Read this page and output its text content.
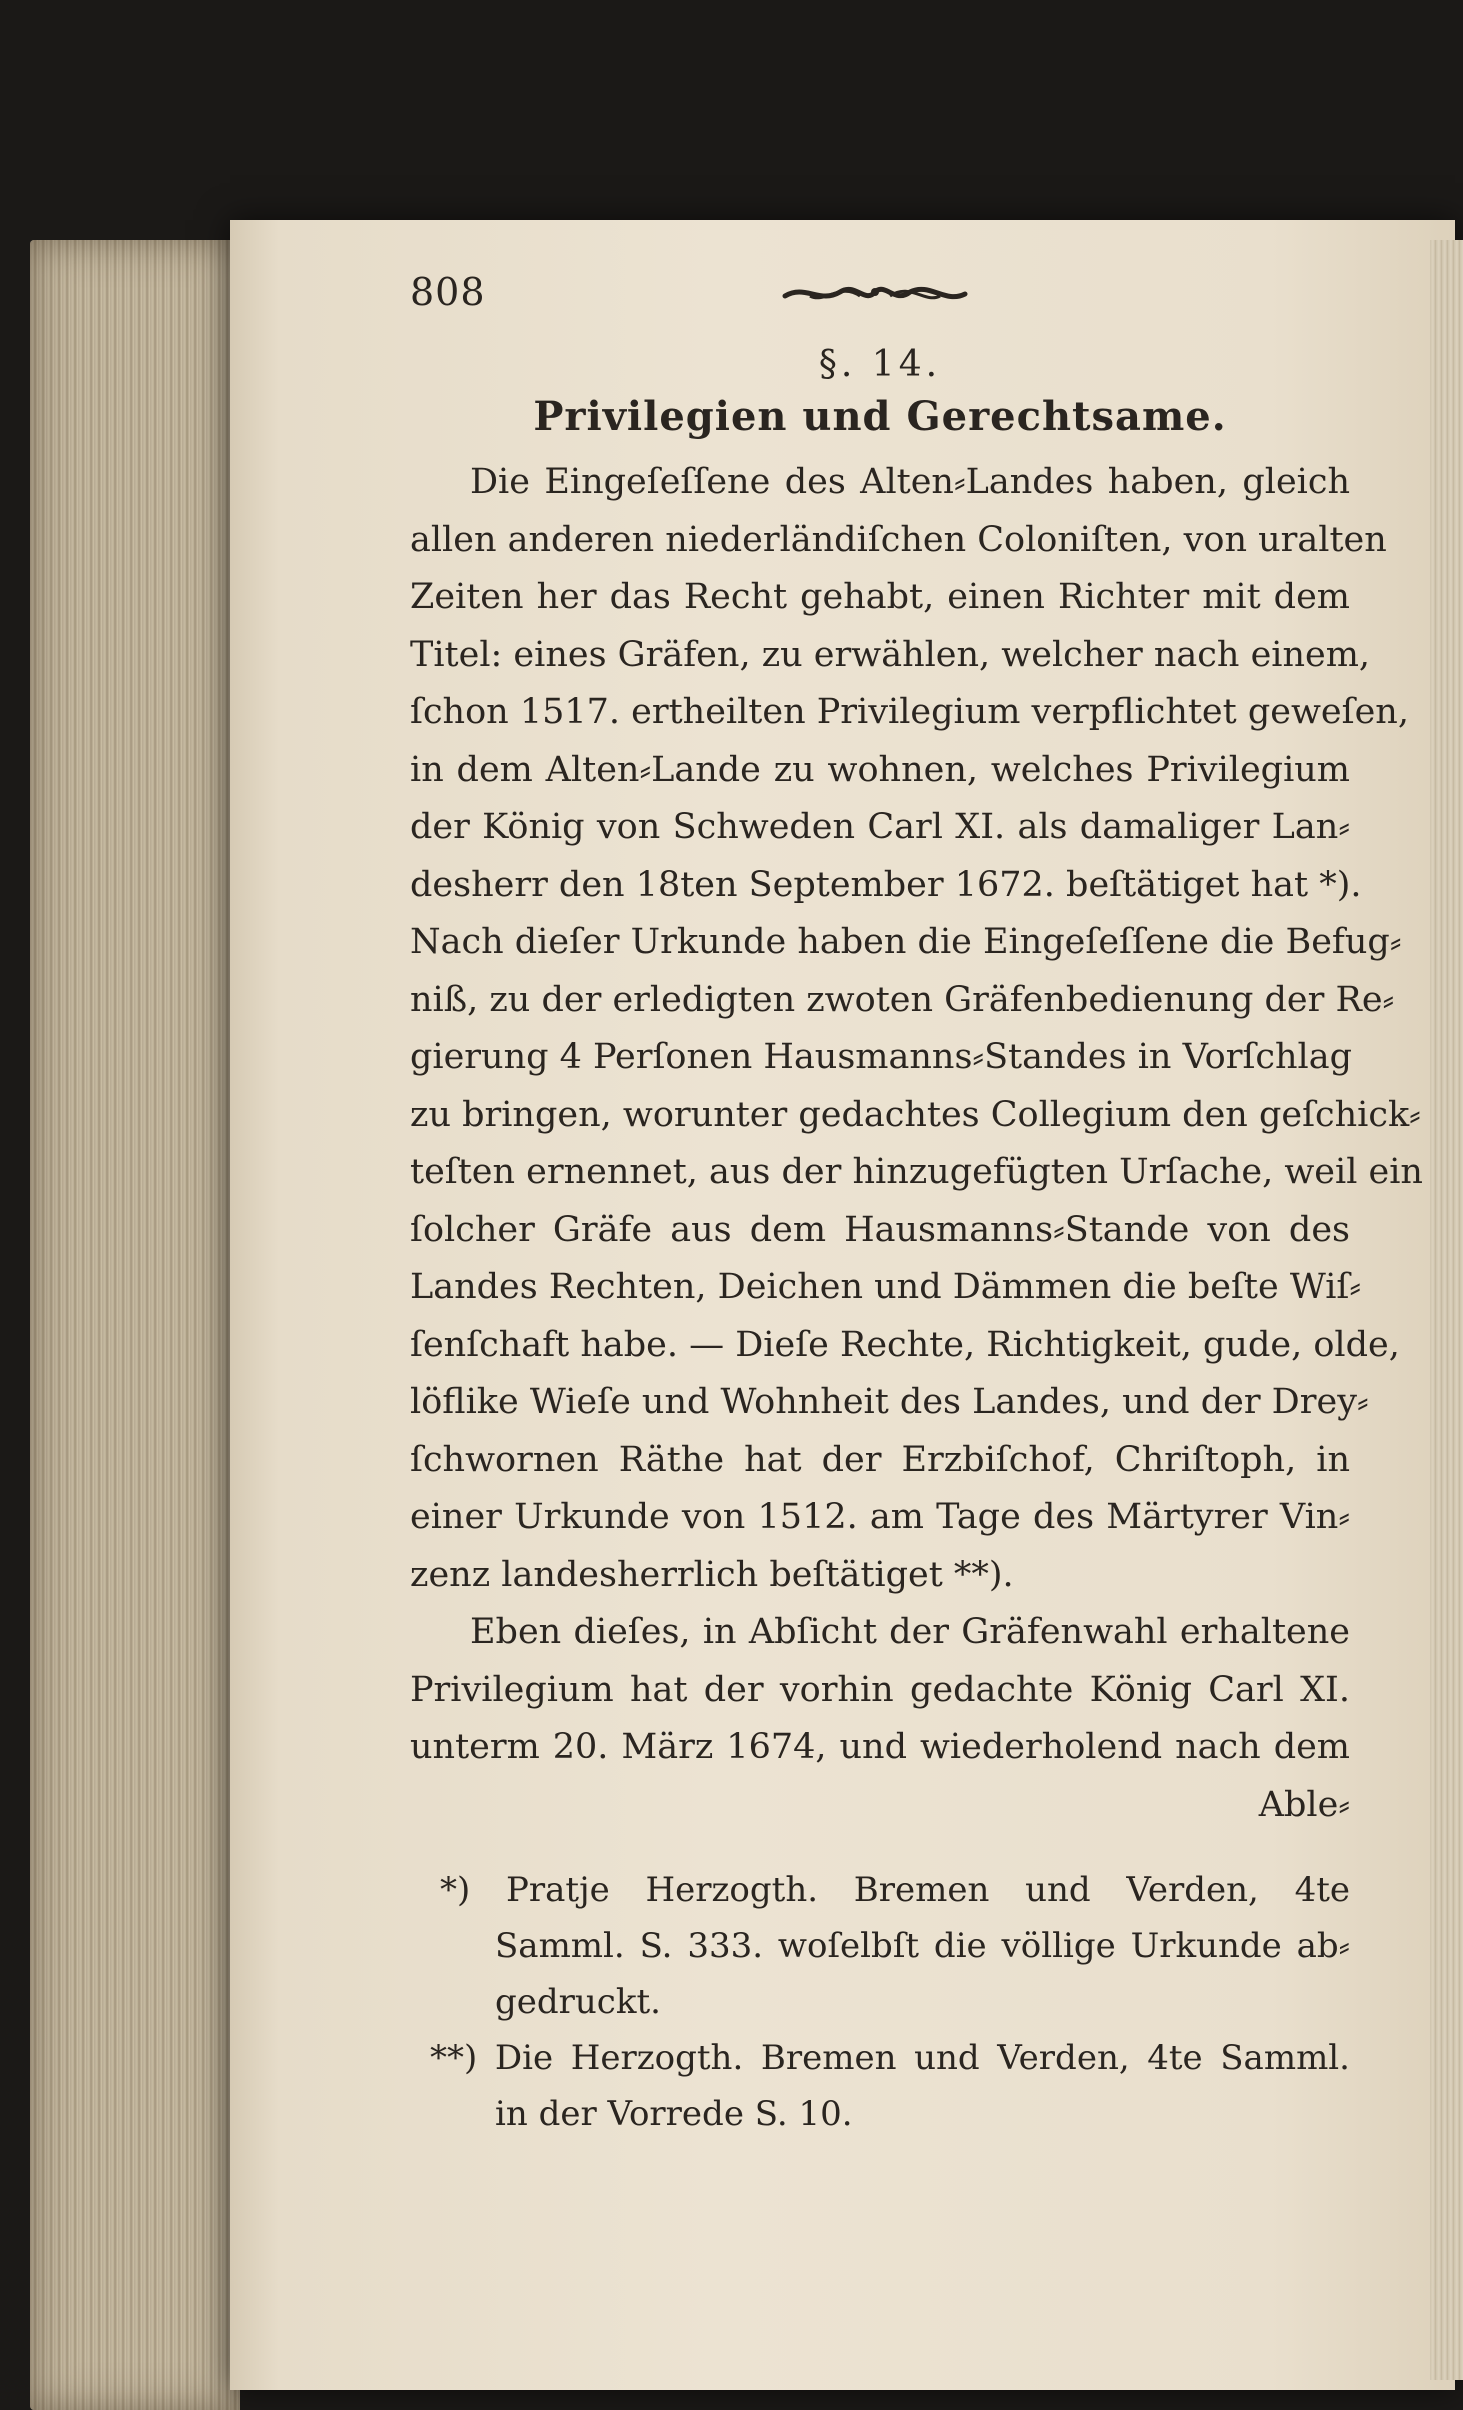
808
§. 14.
Privilegien und Gerechtsame.

Die Eingeſeſſene des Alten⸗Landes haben, gleich
allen anderen niederländiſchen Coloniſten, von uralten
Zeiten her das Recht gehabt, einen Richter mit dem
Titel: eines Gräfen, zu erwählen, welcher nach einem,
ſchon 1517. ertheilten Privilegium verpflichtet geweſen,
in dem Alten⸗Lande zu wohnen, welches Privilegium
der König von Schweden Carl XI. als damaliger Lan⸗
desherr den 18ten September 1672. beſtätiget hat *).
Nach dieſer Urkunde haben die Eingeſeſſene die Befug⸗
niß, zu der erledigten zwoten Gräfenbedienung der Re⸗
gierung 4 Perſonen Hausmanns⸗Standes in Vorſchlag
zu bringen, worunter gedachtes Collegium den geſchick⸗
teſten ernennet, aus der hinzugefügten Urſache, weil ein
ſolcher Gräfe aus dem Hausmanns⸗Stande von des
Landes Rechten, Deichen und Dämmen die beſte Wiſ⸗
ſenſchaft habe. — Dieſe Rechte, Richtigkeit, gude, olde,
löflike Wieſe und Wohnheit des Landes, und der Drey⸗
ſchwornen Räthe hat der Erzbiſchof, Chriſtoph, in
einer Urkunde von 1512. am Tage des Märtyrer Vin⸗
zenz landesherrlich beſtätiget **).

Eben dieſes, in Abſicht der Gräfenwahl erhaltene
Privilegium hat der vorhin gedachte König Carl XI.
unterm 20. März 1674, und wiederholend nach dem
Able⸗

*) Pratje Herzogth. Bremen und Verden, 4te
Samml. S. 333. woſelbſt die völlige Urkunde ab⸗
gedruckt.
**) Die Herzogth. Bremen und Verden, 4te Samml.
in der Vorrede S. 10.
